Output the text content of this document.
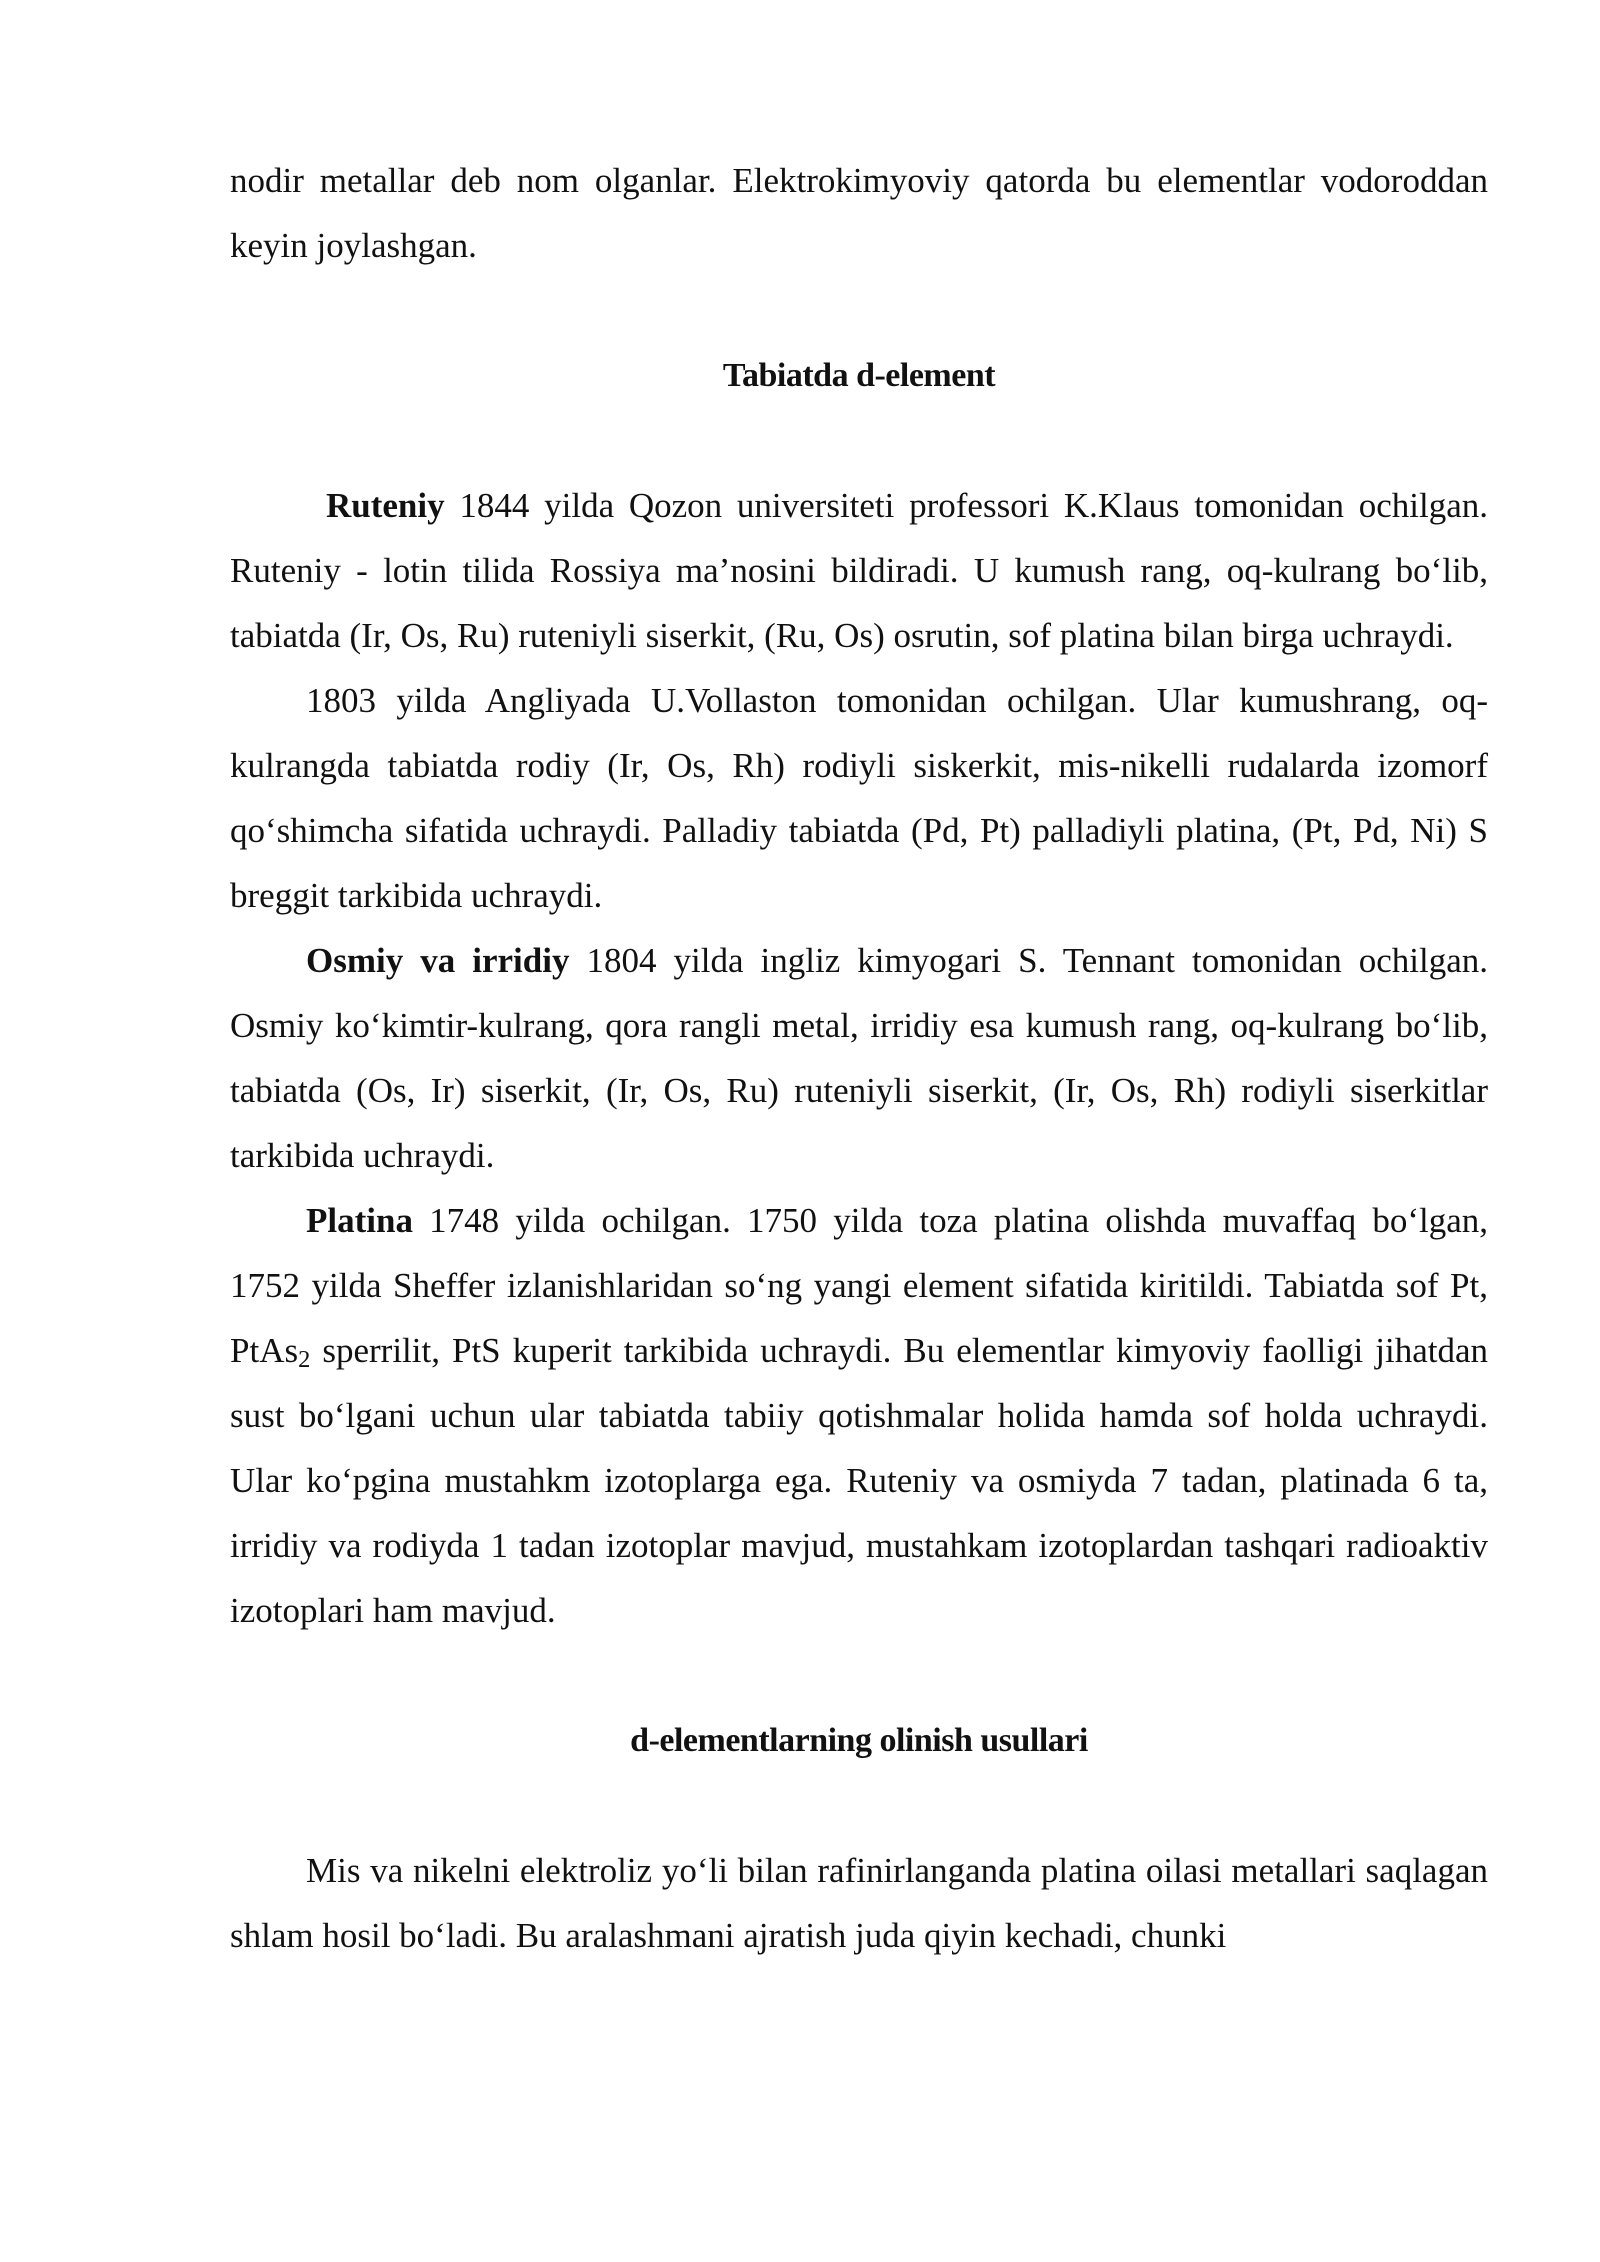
nodir metallar deb nom olganlar. Elektrokimyoviy qatorda bu elementlar vodoroddan keyin joylashgan.

Tabiatda d-element

Ruteniy 1844 yilda Qozon universiteti professori K.Klaus tomonidan ochilgan. Ruteniy - lotin tilida Rossiya ma’nosini bildiradi. U kumush rang, oq-kulrang bo‘lib, tabiatda (Ir, Os, Ru) ruteniyli siserkit, (Ru, Os) osrutin, sof platina bilan birga uchraydi.

1803 yilda Angliyada U.Vollaston tomonidan ochilgan. Ular kumushrang, oq-kulrangda tabiatda rodiy (Ir, Os, Rh) rodiyli siskerkit, mis-nikelli rudalarda izomorf qo‘shimcha sifatida uchraydi. Palladiy tabiatda (Pd, Pt) palladiyli platina, (Pt, Pd, Ni) S breggit tarkibida uchraydi.

Osmiy va irridiy 1804 yilda ingliz kimyogari S. Tennant tomonidan ochilgan. Osmiy ko‘kimtir-kulrang, qora rangli metal, irridiy esa kumush rang, oq-kulrang bo‘lib, tabiatda (Os, Ir) siserkit, (Ir, Os, Ru) ruteniyli siserkit, (Ir, Os, Rh) rodiyli siserkitlar tarkibida uchraydi.

Platina 1748 yilda ochilgan. 1750 yilda toza platina olishda muvaffaq bo‘lgan, 1752 yilda Sheffer izlanishlaridan so‘ng yangi element sifatida kiritildi. Tabiatda sof Pt, PtAs$_2$ sperrilit, PtS kuperit tarkibida uchraydi. Bu elementlar kimyoviy faolligi jihatdan sust bo‘lgani uchun ular tabiatda tabiiy qotishmalar holida hamda sof holda uchraydi. Ular ko‘pgina mustahkm izotoplarga ega. Ruteniy va osmiyda 7 tadan, platinada 6 ta, irridiy va rodiyda 1 tadan izotoplar mavjud, mustahkam izotoplardan tashqari radioaktiv izotoplari ham mavjud.

d-elementlarning olinish usullari

Mis va nikelni elektroliz yo‘li bilan rafinirlanganda platina oilasi metallari saqlagan shlam hosil bo‘ladi. Bu aralashmani ajratish juda qiyin kechadi, chunki
